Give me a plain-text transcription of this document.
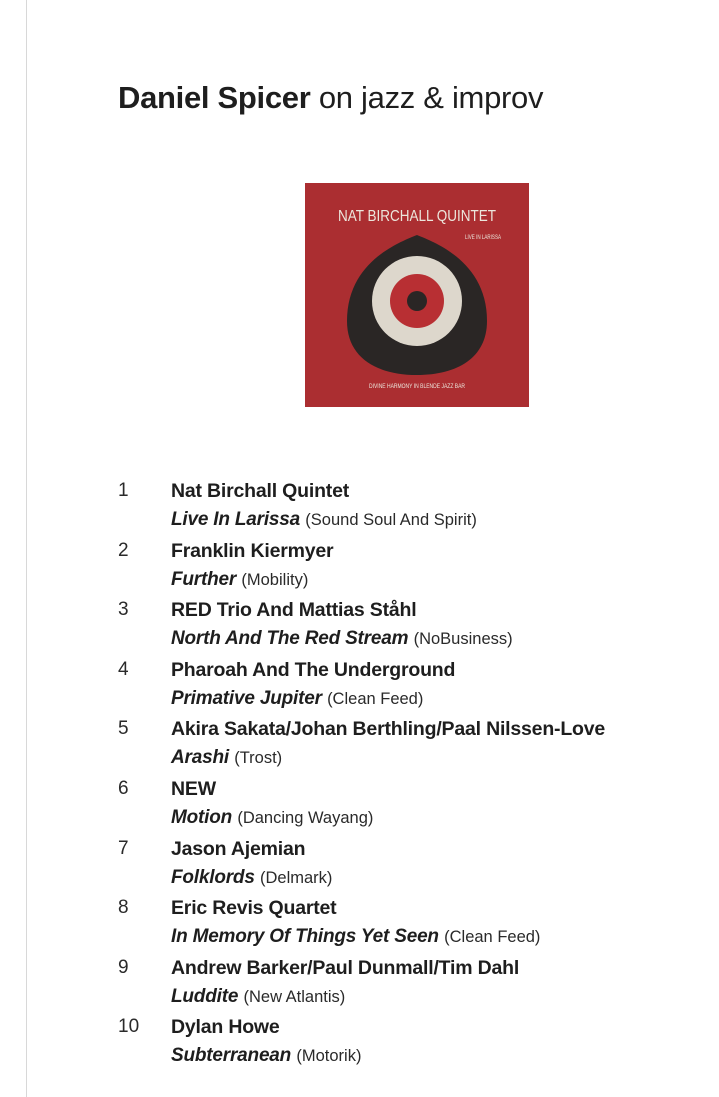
Daniel Spicer on jazz & improv
NAT BIRCHALL QUINTET
LIVE IN LARISSA
DIVINE HARMONY IN BLENDE JAZZ BAR
1 Nat Birchall Quintet
Live In Larissa (Sound Soul And Spirit)
2 Franklin Kiermyer
Further (Mobility)
3 RED Trio And Mattias Ståhl
North And The Red Stream (NoBusiness)
4 Pharoah And The Underground
Primative Jupiter (Clean Feed)
5 Akira Sakata/Johan Berthling/Paal Nilssen-Love
Arashi (Trost)
6 NEW
Motion (Dancing Wayang)
7 Jason Ajemian
Folklords (Delmark)
8 Eric Revis Quartet
In Memory Of Things Yet Seen (Clean Feed)
9 Andrew Barker/Paul Dunmall/Tim Dahl
Luddite (New Atlantis)
10 Dylan Howe
Subterranean (Motorik)
